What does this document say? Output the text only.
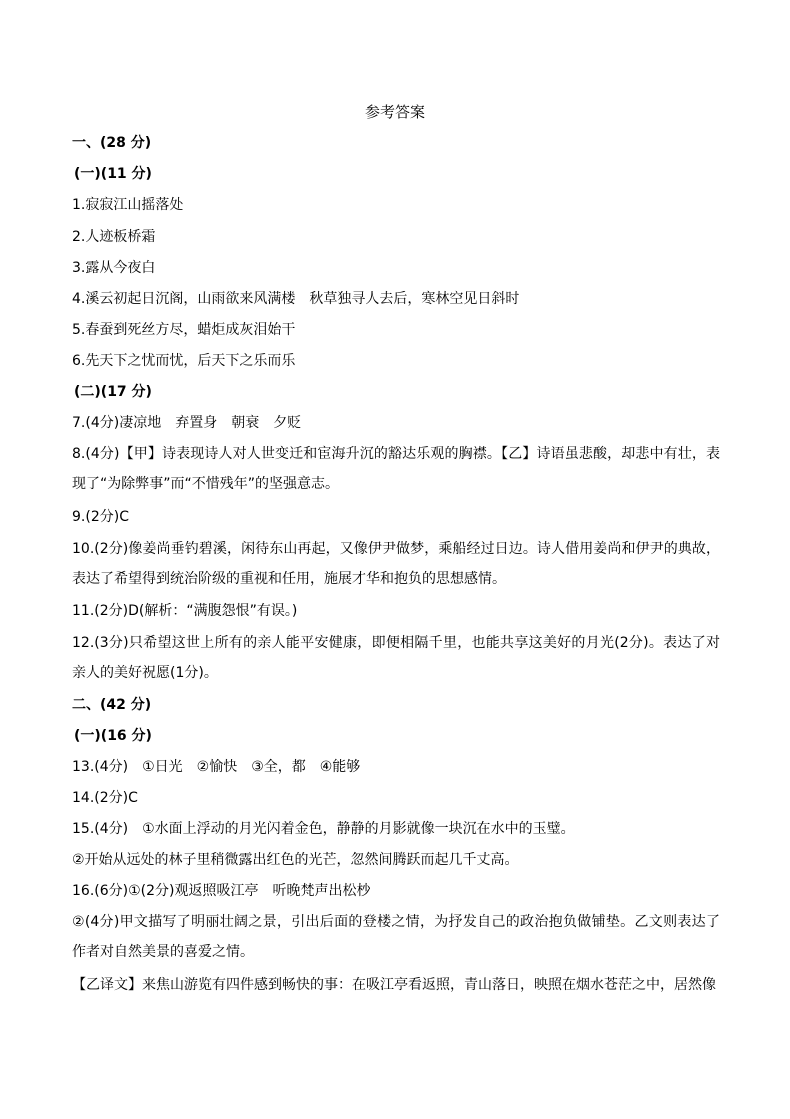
参考答案
一、(28 分)
(一)(11 分)
1.寂寂江山摇落处
2.人迹板桥霜
3.露从今夜白
4.溪云初起日沉阁，山雨欲来风满楼　秋草独寻人去后，寒林空见日斜时
5.春蚕到死丝方尽，蜡炬成灰泪始干
6.先天下之忧而忧，后天下之乐而乐
(二)(17 分)
7.(4分)凄凉地　弃置身　朝衰　夕贬
8.(4分)【甲】诗表现诗人对人世变迁和宦海升沉的豁达乐观的胸襟。【乙】诗语虽悲酸，却悲中有壮，表现了“为除弊事”而“不惜残年”的坚强意志。
9.(2分)C
10.(2分)像姜尚垂钓碧溪，闲待东山再起，又像伊尹做梦，乘船经过日边。诗人借用姜尚和伊尹的典故，表达了希望得到统治阶级的重视和任用，施展才华和抱负的思想感情。
11.(2分)D(解析：“满腹怨恨”有误。)
12.(3分)只希望这世上所有的亲人能平安健康，即便相隔千里，也能共享这美好的月光(2分)。表达了对亲人的美好祝愿(1分)。
二、(42 分)
(一)(16 分)
13.(4分)　①日光　②愉快　③全，都　④能够
14.(2分)C
15.(4分)　①水面上浮动的月光闪着金色，静静的月影就像一块沉在水中的玉璧。
②开始从远处的林子里稍微露出红色的光芒，忽然间腾跃而起几千丈高。
16.(6分)①(2分)观返照吸江亭　听晚梵声出松杪
②(4分)甲文描写了明丽壮阔之景，引出后面的登楼之情，为抒发自己的政治抱负做铺垫。乙文则表达了作者对自然美景的喜爱之情。
【乙译文】来焦山游览有四件感到畅快的事：在吸江亭看返照，青山落日，映照在烟水苍茫之中，居然像
